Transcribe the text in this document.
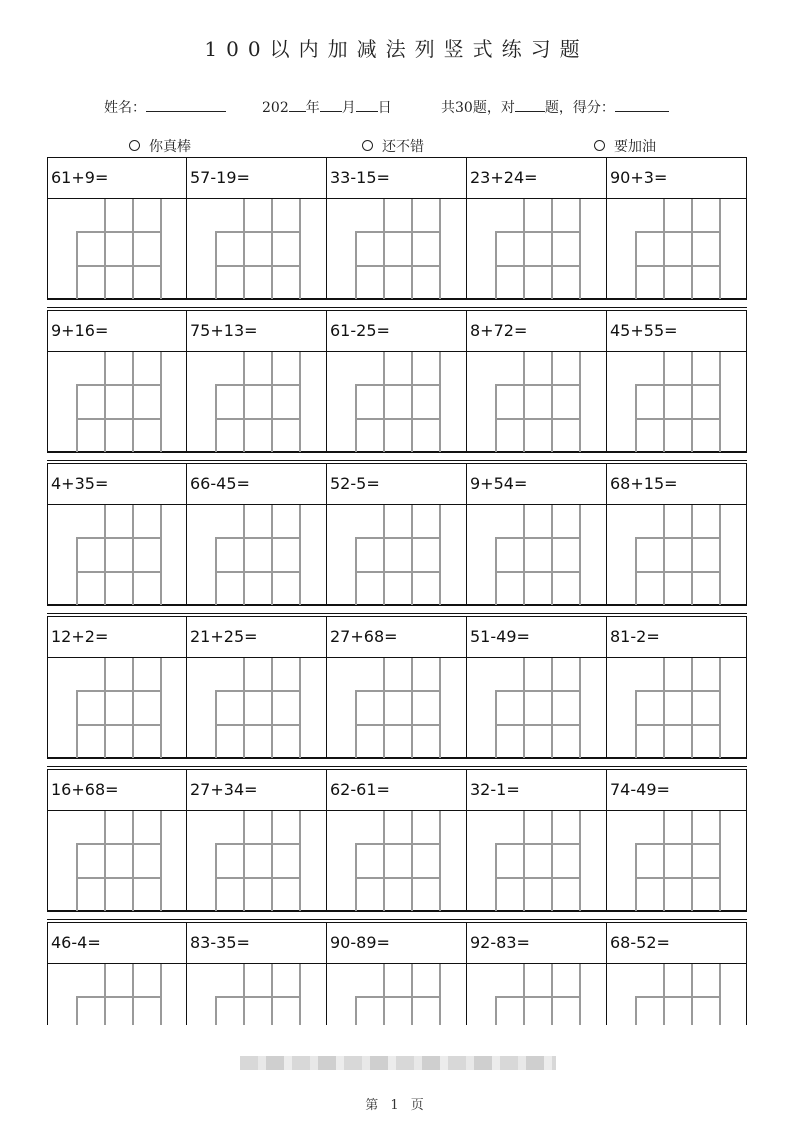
100以内加减法列竖式练习题
姓名：	202 年 月 日	共30题，对 题，得分：
你真棒	还不错	要加油
61+9=	57-19=	33-15=	23+24=	90+3=
9+16=	75+13=	61-25=	8+72=	45+55=
4+35=	66-45=	52-5=	9+54=	68+15=
12+2=	21+25=	27+68=	51-49=	81-2=
16+68=	27+34=	62-61=	32-1=	74-49=
46-4=	83-35=	90-89=	92-83=	68-52=
第 1 页
